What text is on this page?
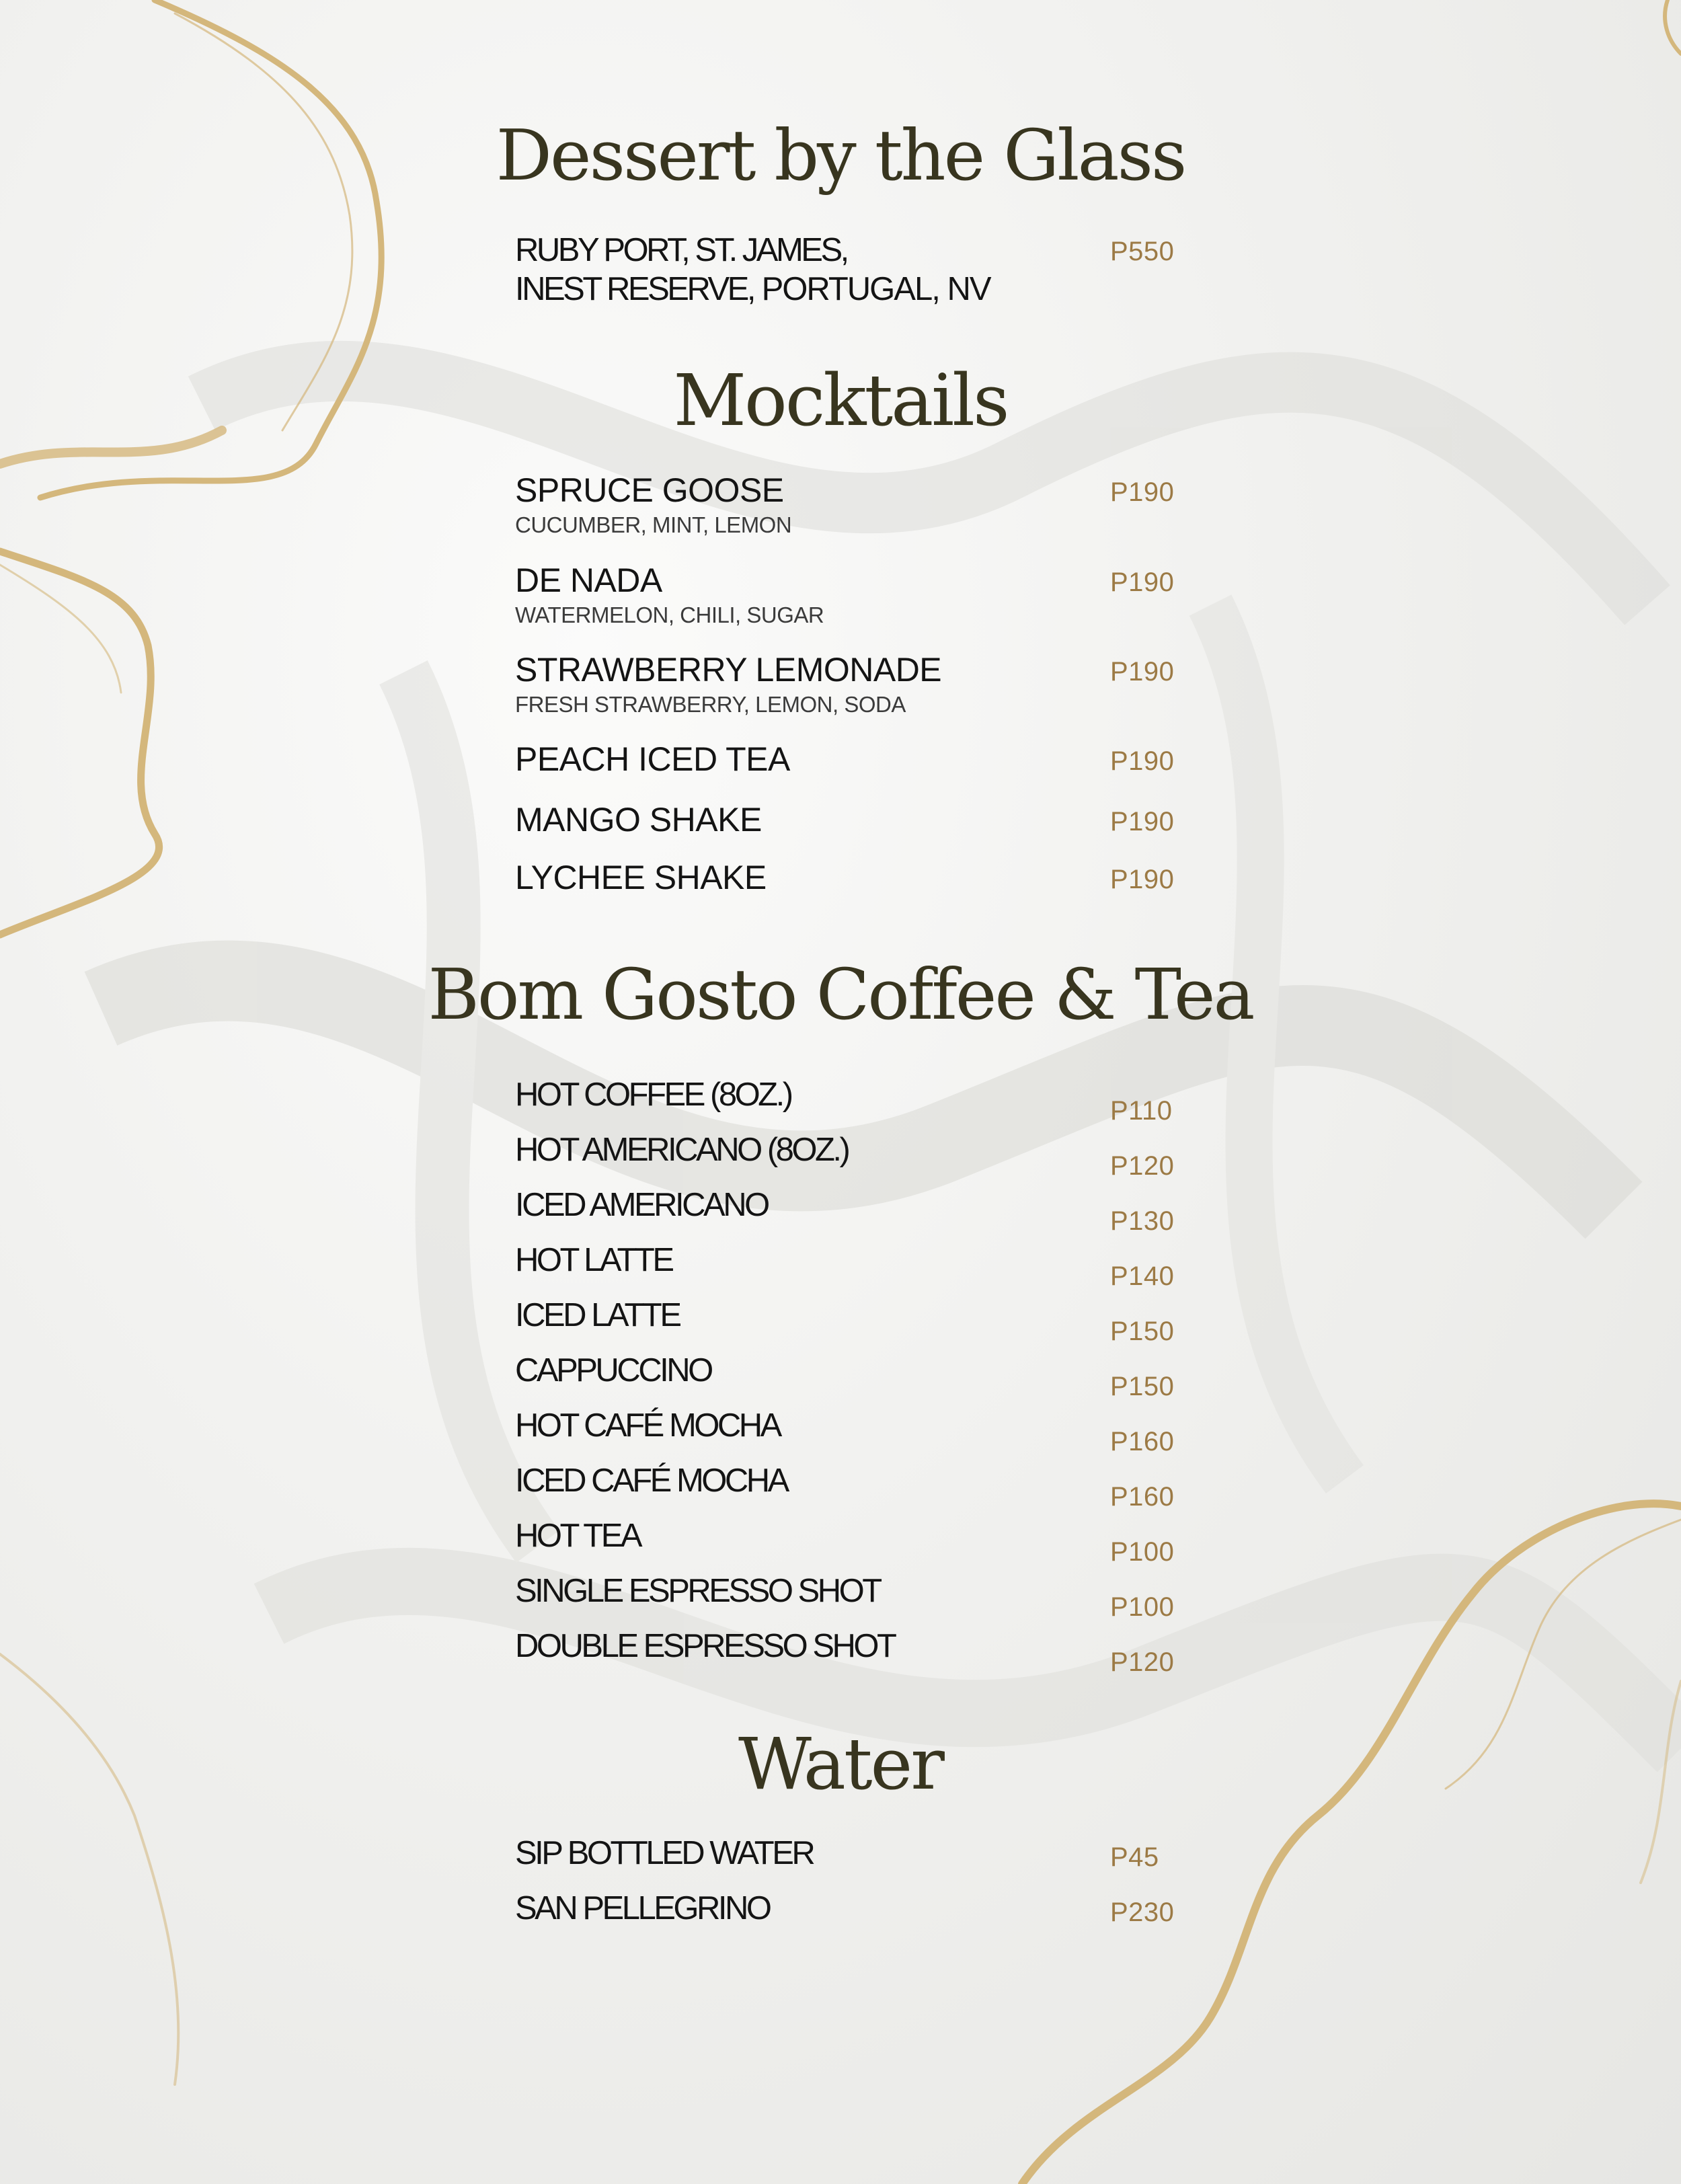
Dessert by the Glass
RUBY PORT, ST. JAMES,	P550
INEST RESERVE, PORTUGAL, NV
Mocktails
SPRUCE GOOSE	P190
CUCUMBER, MINT, LEMON
DE NADA	P190
WATERMELON, CHILI, SUGAR
STRAWBERRY LEMONADE	P190
FRESH STRAWBERRY, LEMON, SODA
PEACH ICED TEA	P190
MANGO SHAKE	P190
LYCHEE SHAKE	P190
Bom Gosto Coffee & Tea
HOT COFFEE (8OZ.)	P110
HOT AMERICANO (8OZ.)	P120
ICED AMERICANO	P130
HOT LATTE	P140
ICED LATTE	P150
CAPPUCCINO	P150
HOT CAFÉ MOCHA	P160
ICED CAFÉ MOCHA	P160
HOT TEA	P100
SINGLE ESPRESSO SHOT	P100
DOUBLE ESPRESSO SHOT	P120
Water
SIP BOTTLED WATER	P45
SAN PELLEGRINO	P230
